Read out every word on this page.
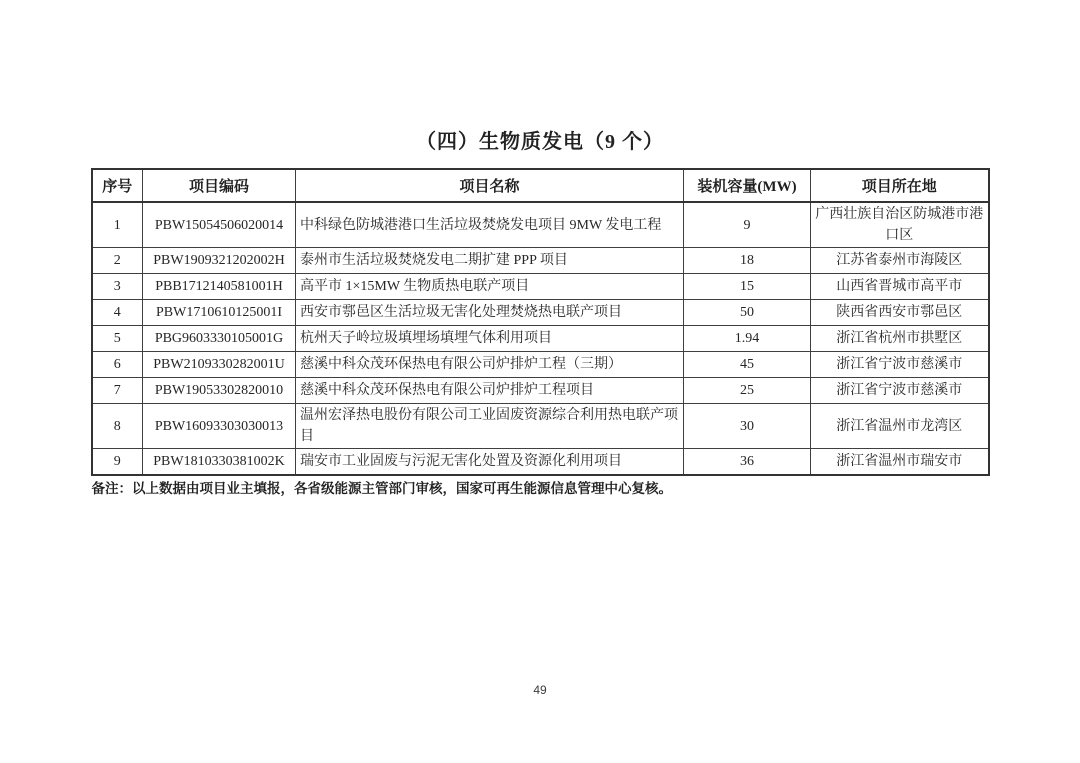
（四）生物质发电（9 个）
序号	项目编码	项目名称	装机容量(MW)	项目所在地
1	PBW15054506020014	中科绿色防城港港口生活垃圾焚烧发电项目 9MW 发电工程	9	广西壮族自治区防城港市港口区
2	PBW1909321202002H	泰州市生活垃圾焚烧发电二期扩建 PPP 项目	18	江苏省泰州市海陵区
3	PBB1712140581001H	高平市 1×15MW 生物质热电联产项目	15	山西省晋城市高平市
4	PBW1710610125001I	西安市鄠邑区生活垃圾无害化处理焚烧热电联产项目	50	陕西省西安市鄠邑区
5	PBG9603330105001G	杭州天子岭垃圾填埋场填埋气体利用项目	1.94	浙江省杭州市拱墅区
6	PBW2109330282001U	慈溪中科众茂环保热电有限公司炉排炉工程（三期）	45	浙江省宁波市慈溪市
7	PBW19053302820010	慈溪中科众茂环保热电有限公司炉排炉工程项目	25	浙江省宁波市慈溪市
8	PBW16093303030013	温州宏泽热电股份有限公司工业固废资源综合利用热电联产项目	30	浙江省温州市龙湾区
9	PBW1810330381002K	瑞安市工业固废与污泥无害化处置及资源化利用项目	36	浙江省温州市瑞安市

备注：以上数据由项目业主填报，各省级能源主管部门审核，国家可再生能源信息管理中心复核。

49
